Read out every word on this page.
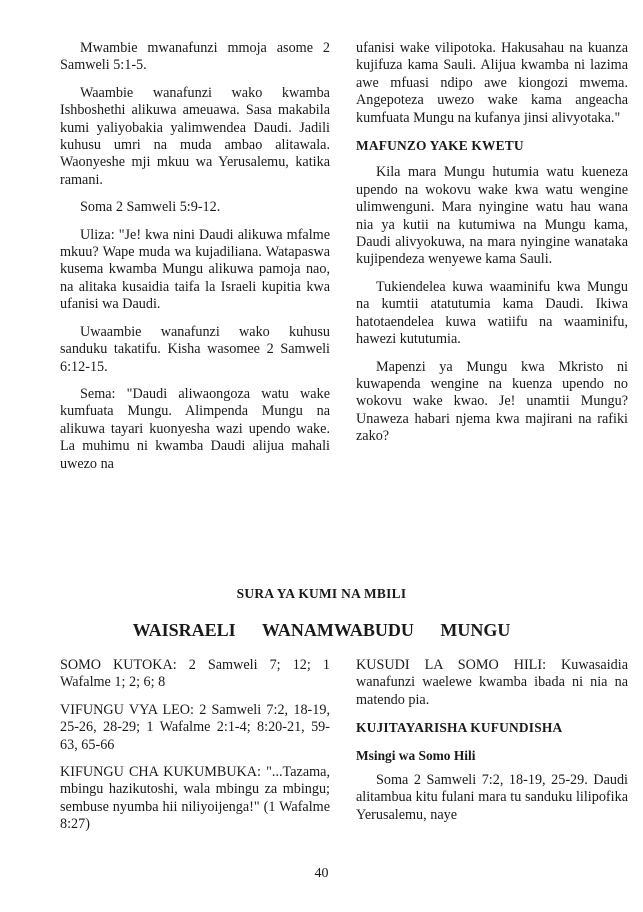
Mwambie mwanafunzi mmoja asome 2 Samweli 5:1-5.

Waambie wanafunzi wako kwamba Ishboshethi alikuwa ameuawa. Sasa makabila kumi yaliyobakia yalimwendea Daudi. Jadili kuhusu umri na muda ambao alitawala. Waonyeshe mji mkuu wa Yerusalemu, katika ramani.

Soma 2 Samweli 5:9-12.

Uliza: "Je! kwa nini Daudi alikuwa mfalme mkuu? Wape muda wa kujadiliana. Watapaswa kusema kwamba Mungu alikuwa pamoja nao, na alitaka kusaidia taifa la Israeli kupitia kwa ufanisi wa Daudi.

Uwaambie wanafunzi wako kuhusu sanduku takatifu. Kisha wasomee 2 Samweli 6:12-15.

Sema: "Daudi aliwaongoza watu wake kumfuata Mungu. Alimpenda Mungu na alikuwa tayari kuonyesha wazi upendo wake. La muhimu ni kwamba Daudi alijua mahali uwezo na

ufanisi wake vilipotoka. Hakusahau na kuanza kujifuza kama Sauli. Alijua kwamba ni lazima awe mfuasi ndipo awe kiongozi mwema. Angepoteza uwezo wake kama angeacha kumfuata Mungu na kufanya jinsi alivyotaka."

MAFUNZO YAKE KWETU

Kila mara Mungu hutumia watu kueneza upendo na wokovu wake kwa watu wengine ulimwenguni. Mara nyingine watu hau wana nia ya kutii na kutumiwa na Mungu kama, Daudi alivyokuwa, na mara nyingine wanataka kujipendeza wenyewe kama Sauli.

Tukiendelea kuwa waaminifu kwa Mungu na kumtii atatutumia kama Daudi. Ikiwa hatotaendelea kuwa watiifu na waaminifu, hawezi kututumia.

Mapenzi ya Mungu kwa Mkristo ni kuwapenda wengine na kuenza upendo no wokovu wake kwao. Je! unamtii Mungu? Unaweza habari njema kwa majirani na rafiki zako?

SURA YA KUMI NA MBILI
WAISRAELI WANAMWABUDU MUNGU

SOMO KUTOKA: 2 Samweli 7; 12; 1 Wafalme 1; 2; 6; 8

VIFUNGU VYA LEO: 2 Samweli 7:2, 18-19, 25-26, 28-29; 1 Wafalme 2:1-4; 8:20-21, 59-63, 65-66

KIFUNGU CHA KUKUMBUKA: "...Tazama, mbingu hazikutoshi, wala mbingu za mbingu; sembuse nyumba hii niliyoijenga!" (1 Wafalme 8:27)

KUSUDI LA SOMO HILI: Kuwasaidia wanafunzi waelewe kwamba ibada ni nia na matendo pia.

KUJITAYARISHA KUFUNDISHA
Msingi wa Somo Hili

Soma 2 Samweli 7:2, 18-19, 25-29. Daudi alitambua kitu fulani mara tu sanduku lilipofika Yerusalemu, naye

40
